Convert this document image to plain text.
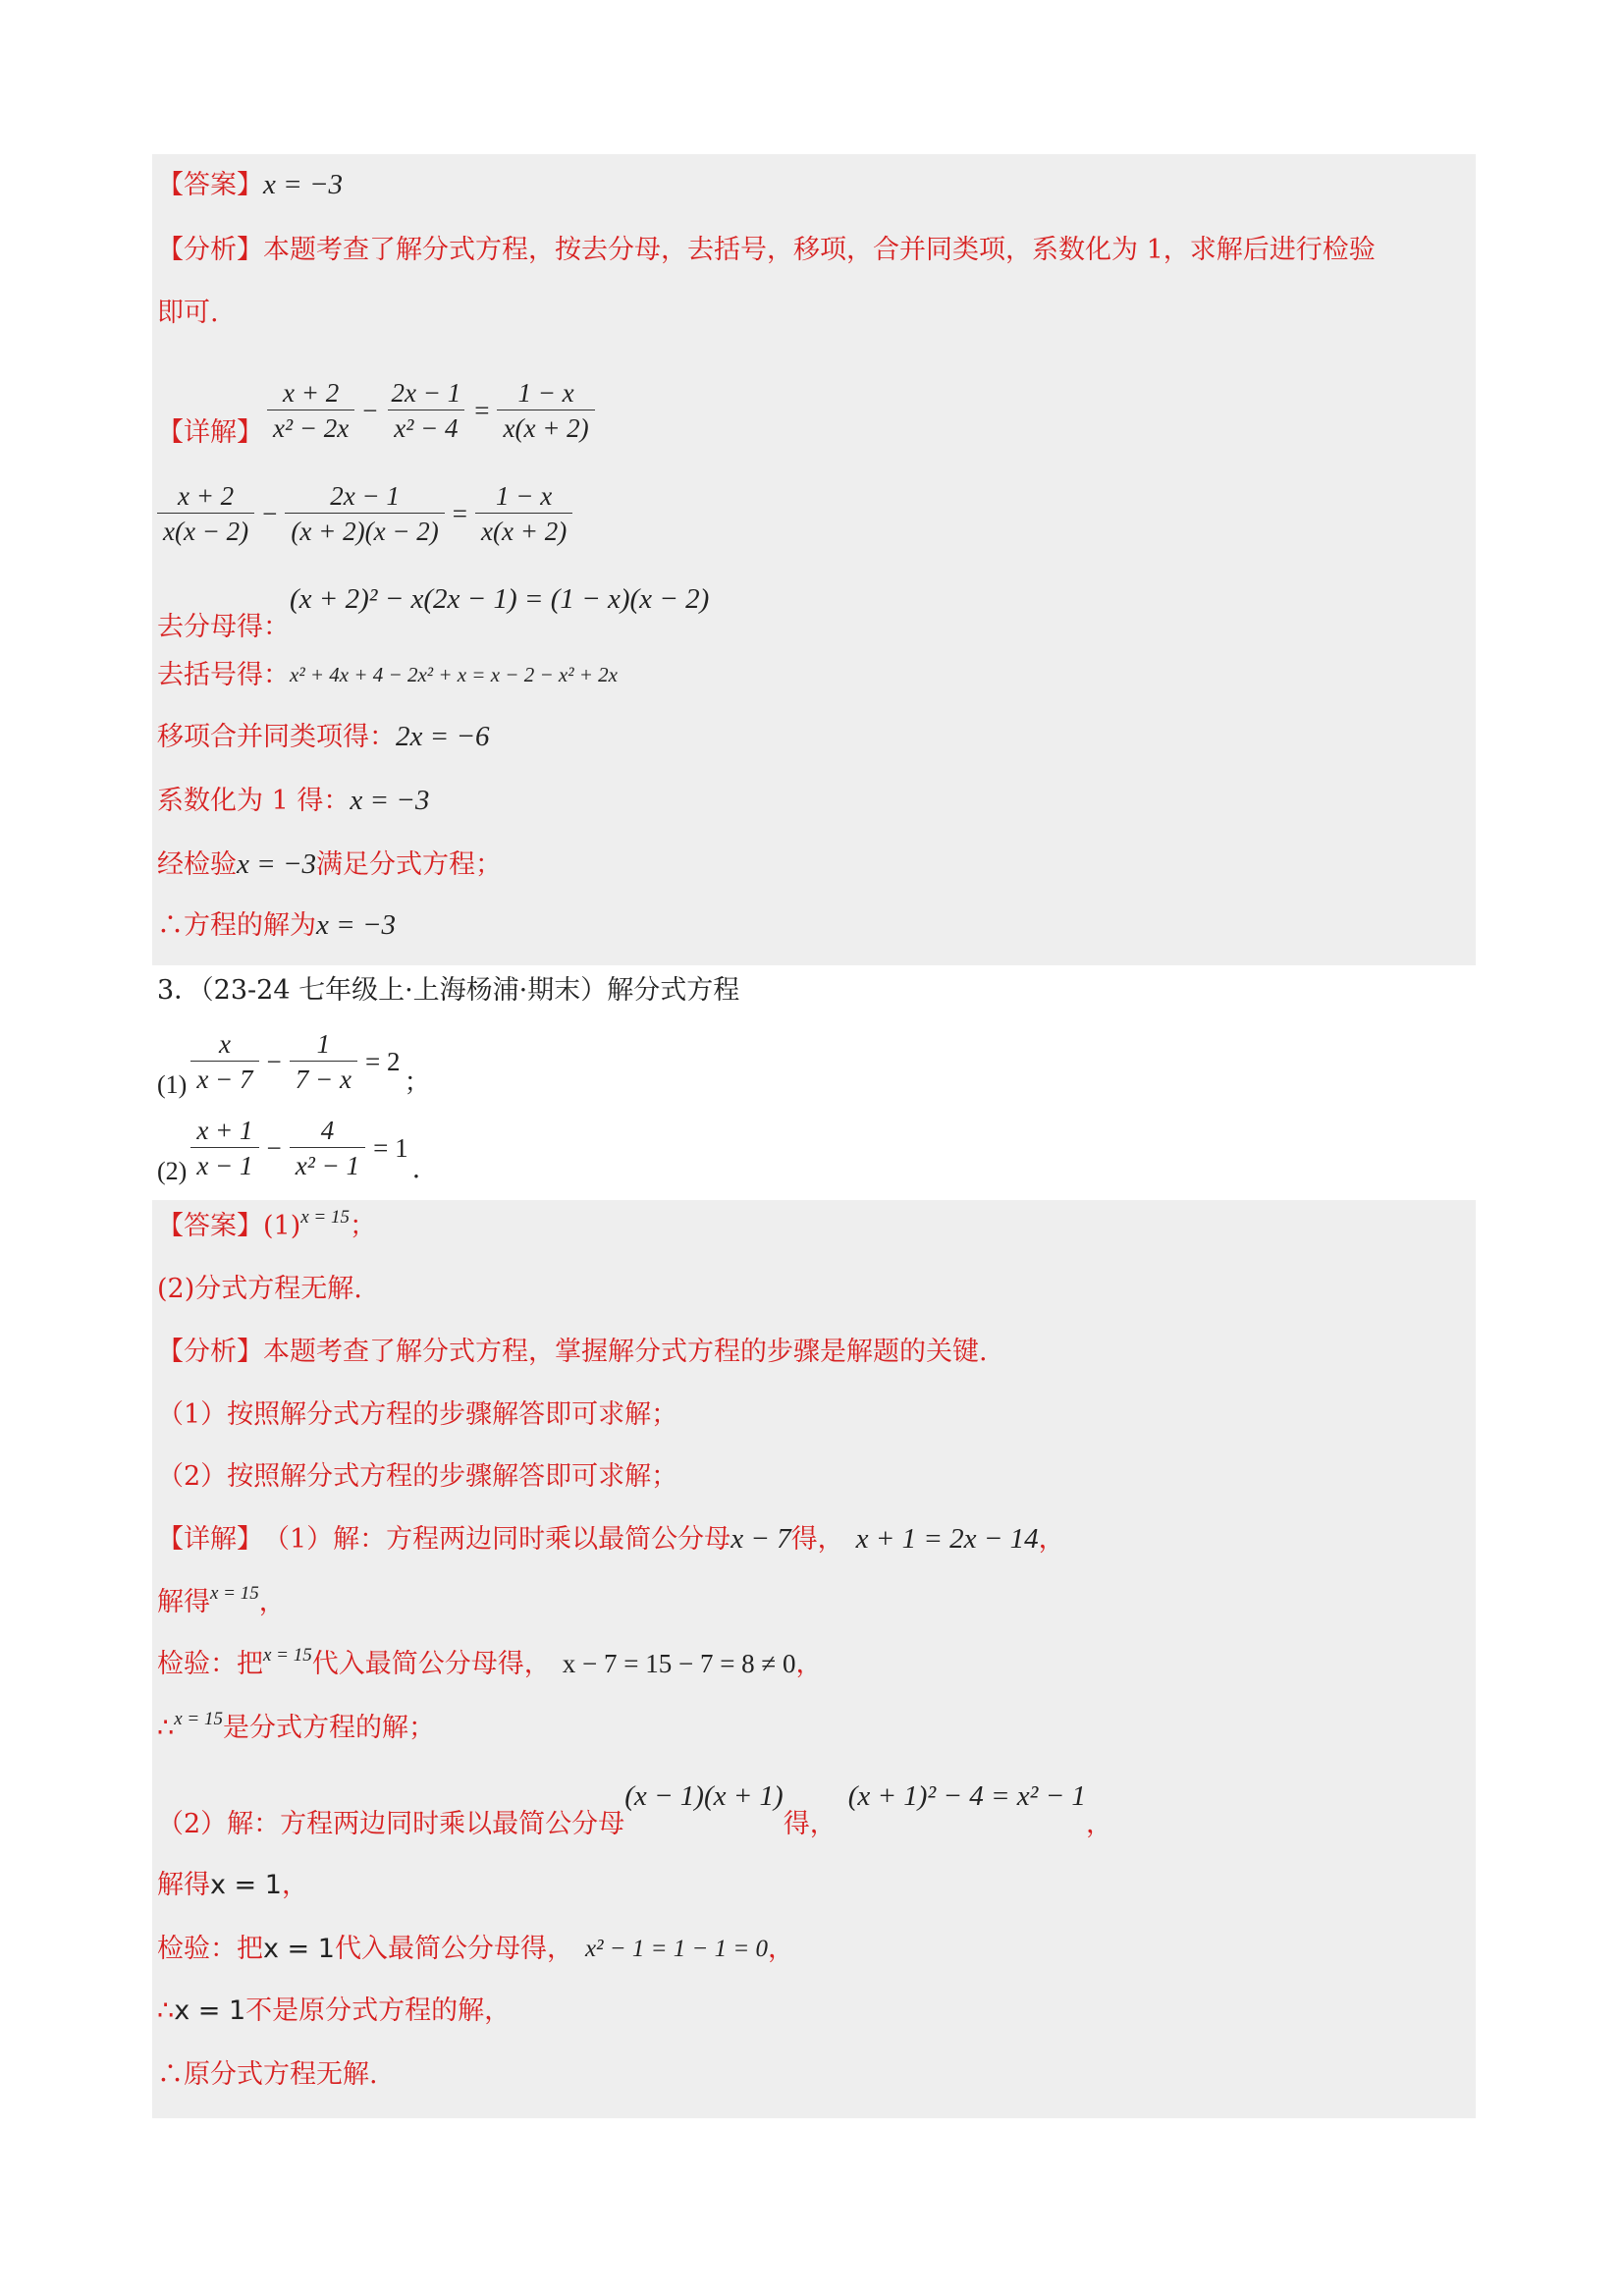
【答案】 x = −3
【分析】 本题考查了解分式方程，按去分母，去括号，移项，合并同类项，系数化为 1，求解后进行检验
即可.
【详解】 $\frac{x + 2}{\text{x² − 2x}} - \frac{2x - 1}{\text{x² − 4}} = \frac{1 - x}{x(x + 2)}$
$\frac{x + 2}{x(x - 2)} - \frac{2x - 1}{(x + 2)(x - 2)} = \frac{1 - x}{x(x + 2)}$
去分母得：
(x + 2)² − x(2x − 1) = (1 − x)(x − 2)
去括号得： x² + 4x + 4 − 2x² + x = x − 2 − x² + 2x
移项合并同类项得： 2x = −6
系数化为 1 得： x = −3
经检验 x = −3 满足分式方程；
∴方程的解为 x = −3
3．（23-24 七年级上·上海杨浦·期末）解分式方程
$(1) \frac{x}{x - 7} - \frac{1}{7 - x} = 2$
；
$(2) \frac{x + 1}{x - 1} - \frac{4}{\text{x² − 1}} = 1$
.
【答案】 (1) x = 15 ；
(2)分式方程无解.
【分析】 本题考查了解分式方程，掌握解分式方程的步骤是解题的关键.
（1）按照解分式方程的步骤解答即可求解；
（2）按照解分式方程的步骤解答即可求解；
【详解】 （1）解：方程两边同时乘以最简公分母 x − 7 得， x + 1 = 2x − 14 ，
解得 x = 15 ，
检验：把 x = 15 代入最简公分母得， x − 7 = 15 − 7 = 8 ≠ 0 ，
∴ x = 15 是分式方程的解；
（2）解：方程两边同时乘以最简公分母
(x − 1)(x + 1)
得，
(x + 1)² − 4 = x² − 1
，
解得 x = 1 ，
检验：把 x = 1 代入最简公分母得， x² − 1 = 1 − 1 = 0 ，
∴ x = 1 不是原分式方程的解，
∴原分式方程无解.
